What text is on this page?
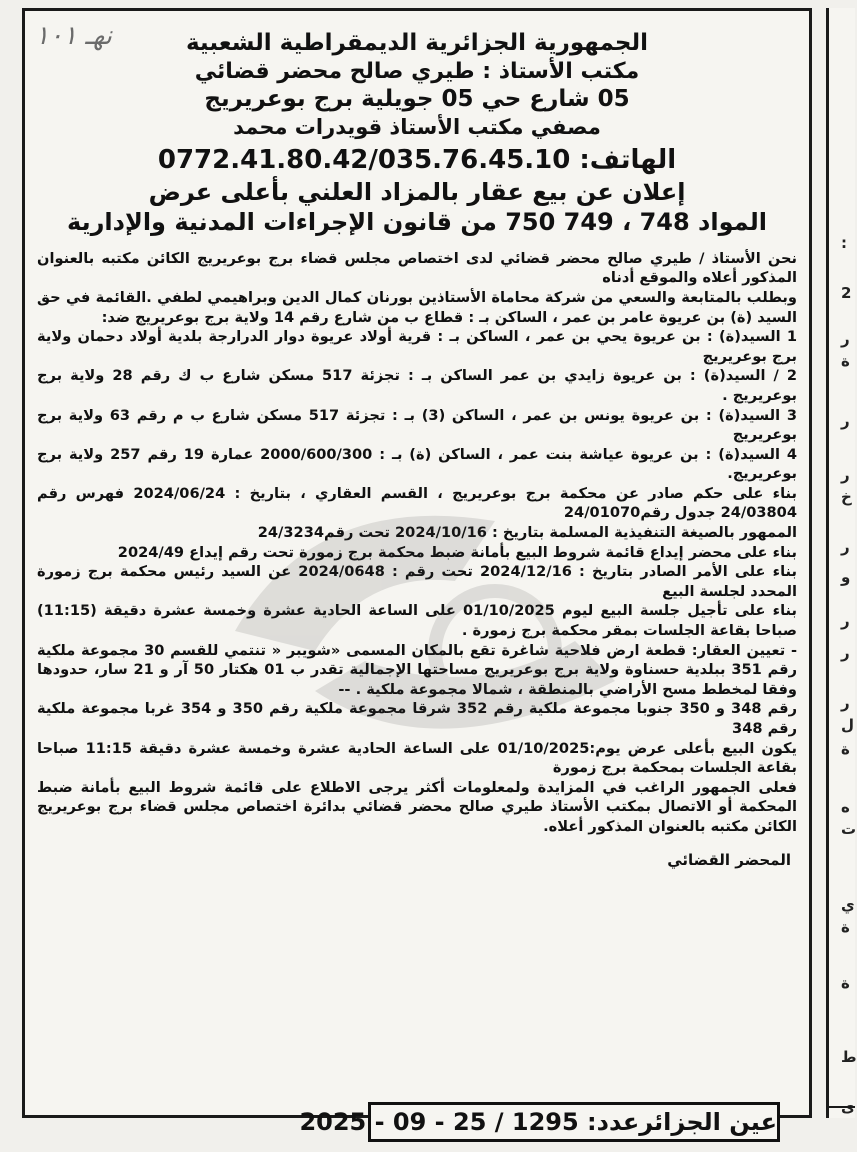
نهـ ١٠١	الجمهورية الجزائرية الديمقراطية الشعبية
مكتب الأستاذ : طيري صالح محضر قضائي
05 شارع حي 05 جويلية برج بوعريريج
مصفي مكتب الأستاذ قويدرات محمد
الهاتف: 0772.41.80.42/035.76.45.10
إعلان عن بيع عقار بالمزاد العلني بأعلى عرض
المواد 748 ، 749 750 من قانون الإجراءات المدنية والإدارية

نحن الأستاذ / طيري صالح محضر قضائي لدى اختصاص مجلس قضاء برج بوعريريج الكائن مكتبه بالعنوان المذكور أعلاه والموقع أدناه

وبطلب بالمتابعة والسعي من شركة محاماة الأستاذين بورنان كمال الدين وبراهيمي لطفي .القائمة في حق السيد (ة) بن عريوة عامر بن عمر ، الساكن بـ : قطاع ب من شارع رقم 14 ولاية برج بوعريريج ضد:

1 السيد(ة) : بن عريوة يحي بن عمر ، الساكن بـ : قرية أولاد عريوة دوار الدرارجة بلدية أولاد دحمان ولاية برج بوعريريج

2 / السيد(ة) : بن عريوة زايدي بن عمر الساكن بـ : تجزئة 517 مسكن شارع ب ك رقم 28 ولاية برج بوعريريج .

3 السيد(ة) : بن عريوة يونس بن عمر ، الساكن (3) بـ : تجزئة 517 مسكن شارع ب م رقم 63 ولاية برج بوعريريج

4 السيد(ة) : بن عريوة عياشة بنت عمر ، الساكن (ة) بـ : 2000/600/300 عمارة 19 رقم 257 ولاية برج بوعريريج.

بناء على حكم صادر عن محكمة برج بوعريريج ، القسم العقاري ، بتاريخ : 2024/06/24 فهرس رقم 24/03804 جدول رقم24/01070

الممهور بالصيغة التنفيذية المسلمة بتاريخ : 2024/10/16 تحت رقم24/3234

بناء على محضر إيداع قائمة شروط البيع بأمانة ضبط محكمة برج زمورة تحت رقم إيداع 2024/49

بناء على الأمر الصادر بتاريخ : 2024/12/16 تحت رقم : 2024/0648 عن السيد رئيس محكمة برج زمورة المحدد لجلسة البيع

بناء على تأجيل جلسة البيع ليوم 01/10/2025 على الساعة الحادية عشرة وخمسة عشرة دقيقة (11:15) صباحا بقاعة الجلسات بمقر محكمة برج زمورة .

- تعيين العقار: قطعة ارض فلاحية شاغرة تقع بالمكان المسمى «شويبر « تنتمي للقسم 30 مجموعة ملكية رقم 351 ببلدية حسناوة ولاية برج بوعريريج مساحتها الإجمالية تقدر ب 01 هكتار 50 آر و 21 سار، حدودها وفقا لمخطط مسح الأراضي بالمنطقة ، شمالا مجموعة ملكية . --

رقم 348 و 350 جنوبا مجموعة ملكية رقم 352 شرقا مجموعة ملكية رقم 350 و 354 غربا مجموعة ملكية رقم 348

يكون البيع بأعلى عرض يوم:01/10/2025 على الساعة الحادية عشرة وخمسة عشرة دقيقة 11:15 صباحا بقاعة الجلسات بمحكمة برج زمورة

فعلى الجمهور الراغب في المزايدة ولمعلومات أكثر يرجى الاطلاع على قائمة شروط البيع بأمانة ضبط المحكمة أو الاتصال بمكتب الأستاذ طيري صالح محضر قضائي بدائرة اختصاص مجلس قضاء برج بوعريريج الكائن مكتبه بالعنوان المذكور أعلاه.

المحضر القضائي
عين الجزائرعدد: 1295 / 25 - 09 - 2025
:
2
ر
ة
ر
ر
خ
ر
و
ر
ر
ر
ل
ة
ه
ت
ي
ة
ة
ط
ى
